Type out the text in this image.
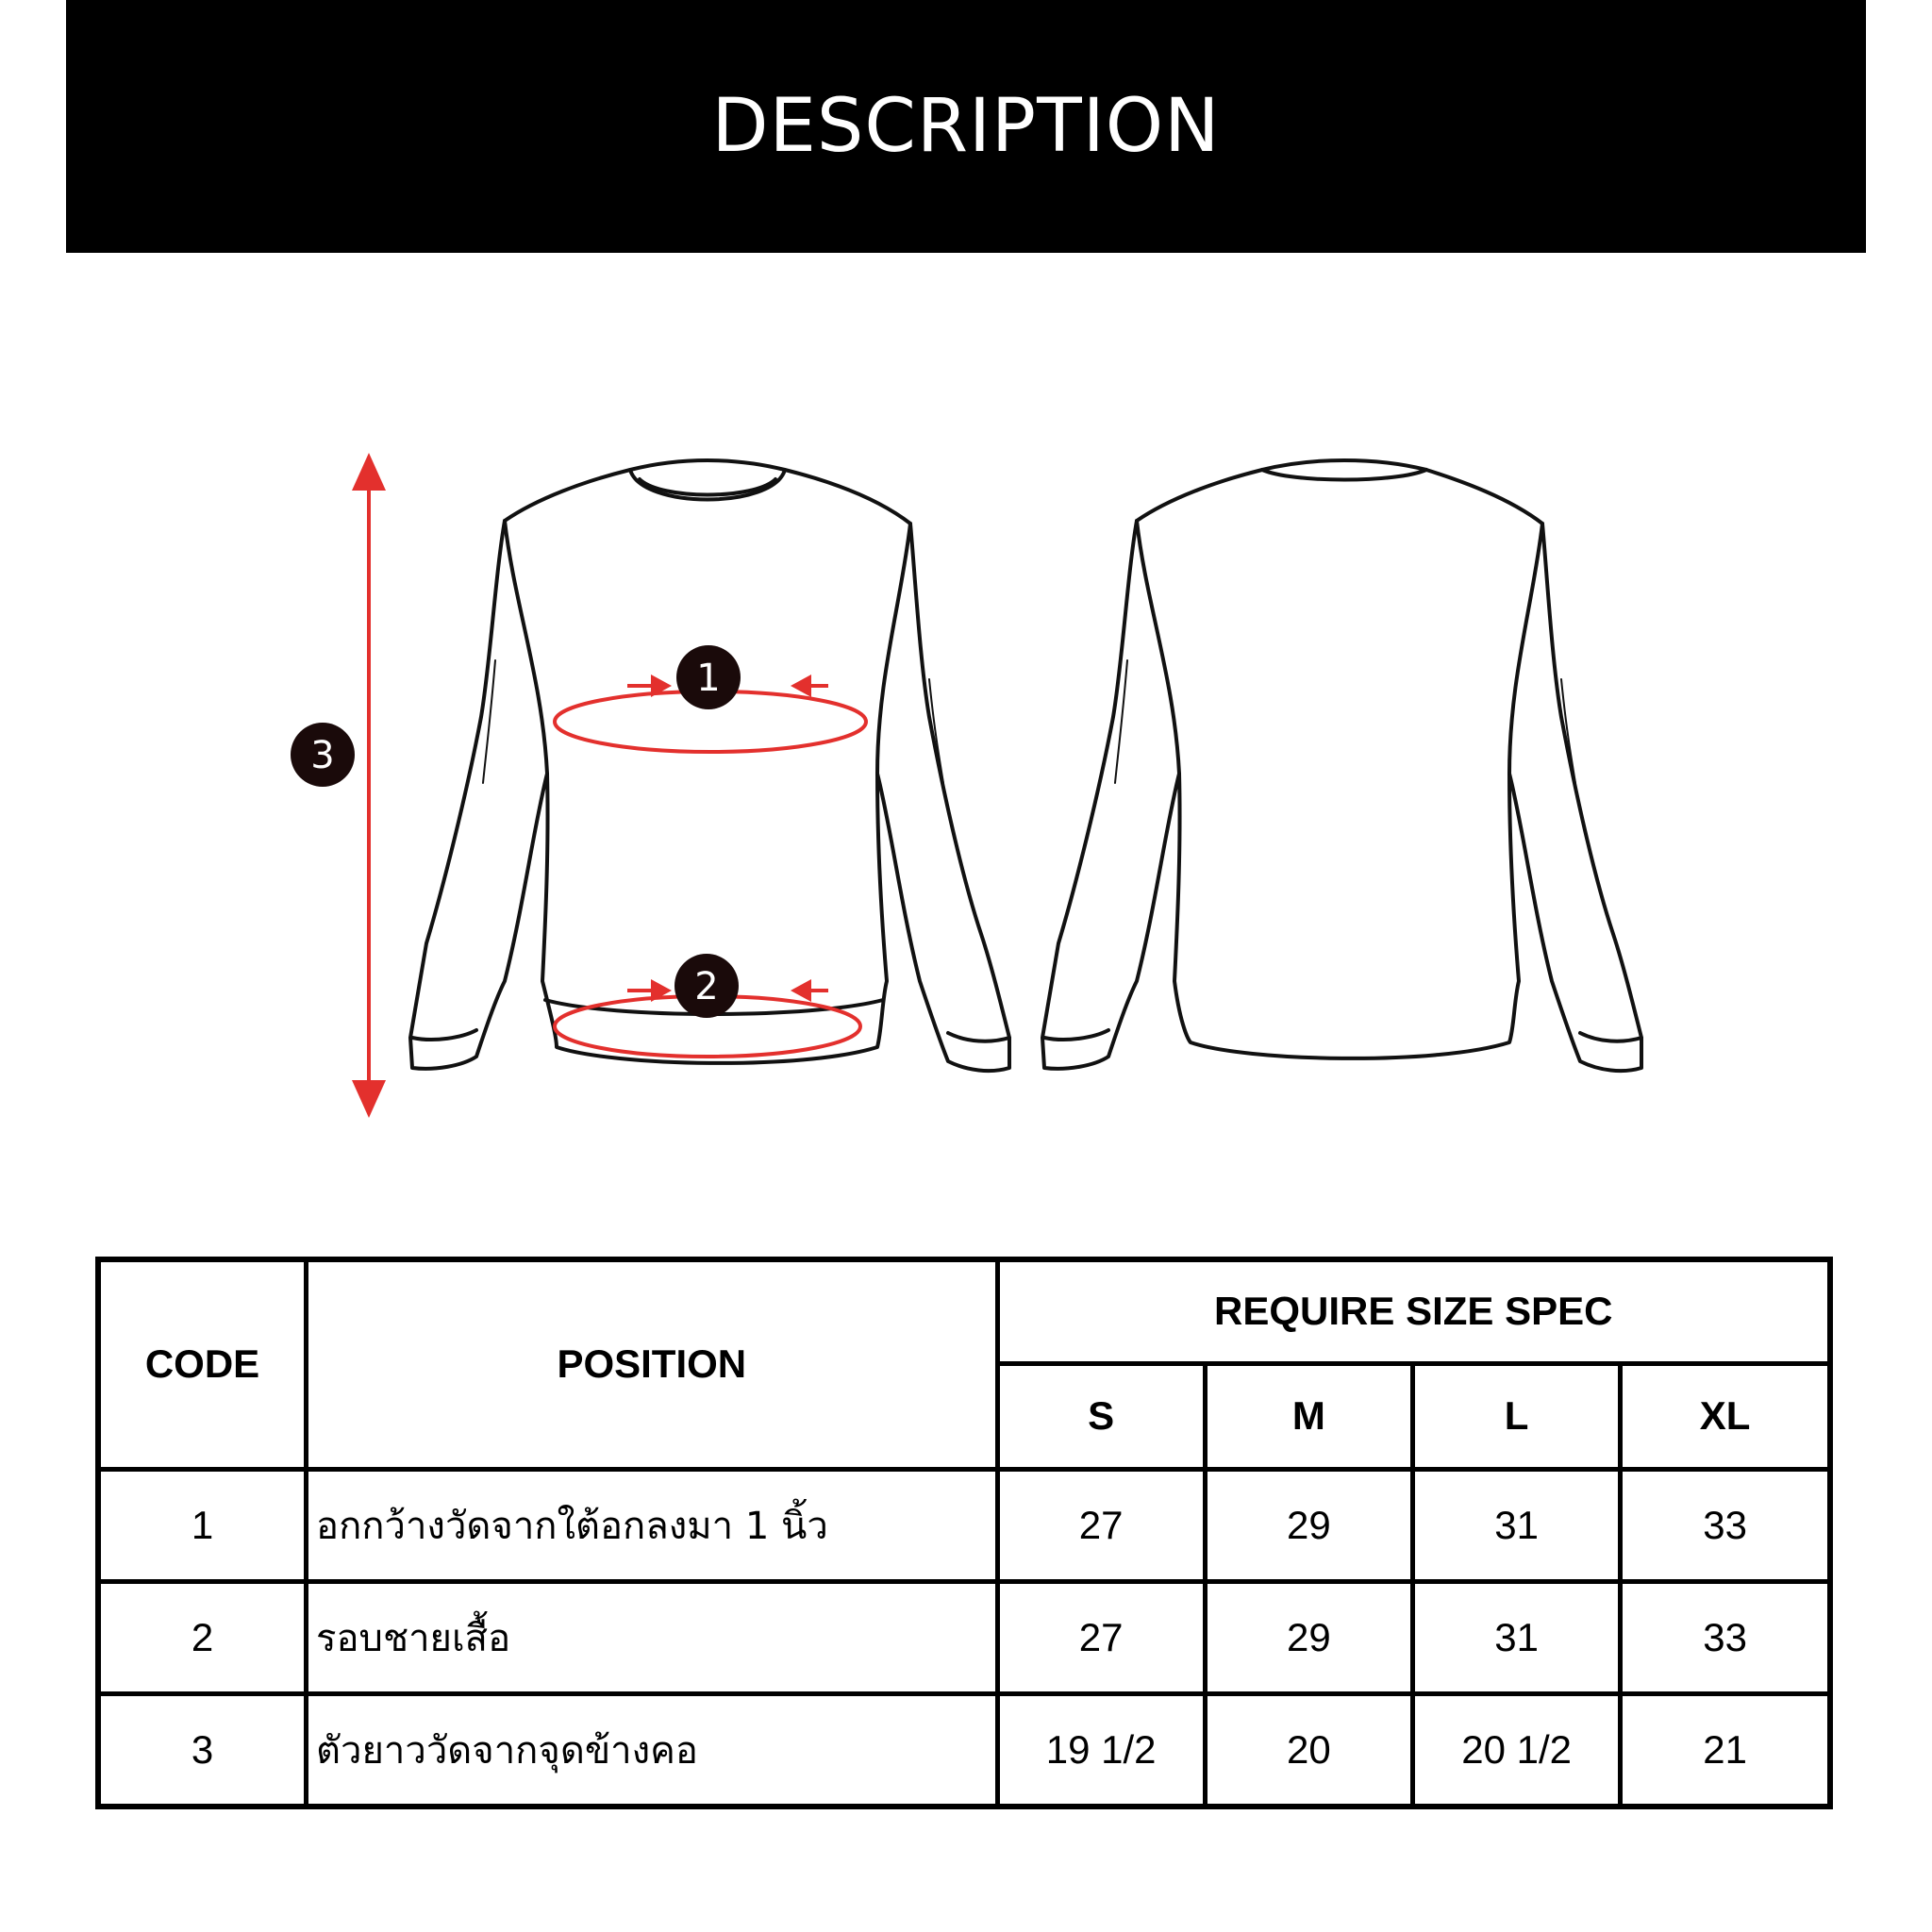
DESCRIPTION
3
1
2
CODE	POSITION	REQUIRE SIZE SPEC			
		S	M	L	XL
1	อกกว้างวัดจากใต้อกลงมา 1 นิ้ว	27	29	31	33
2	รอบชายเสื้อ	27	29	31	33
3	ตัวยาววัดจากจุดข้างคอ	19 1/2	20	20 1/2	21
